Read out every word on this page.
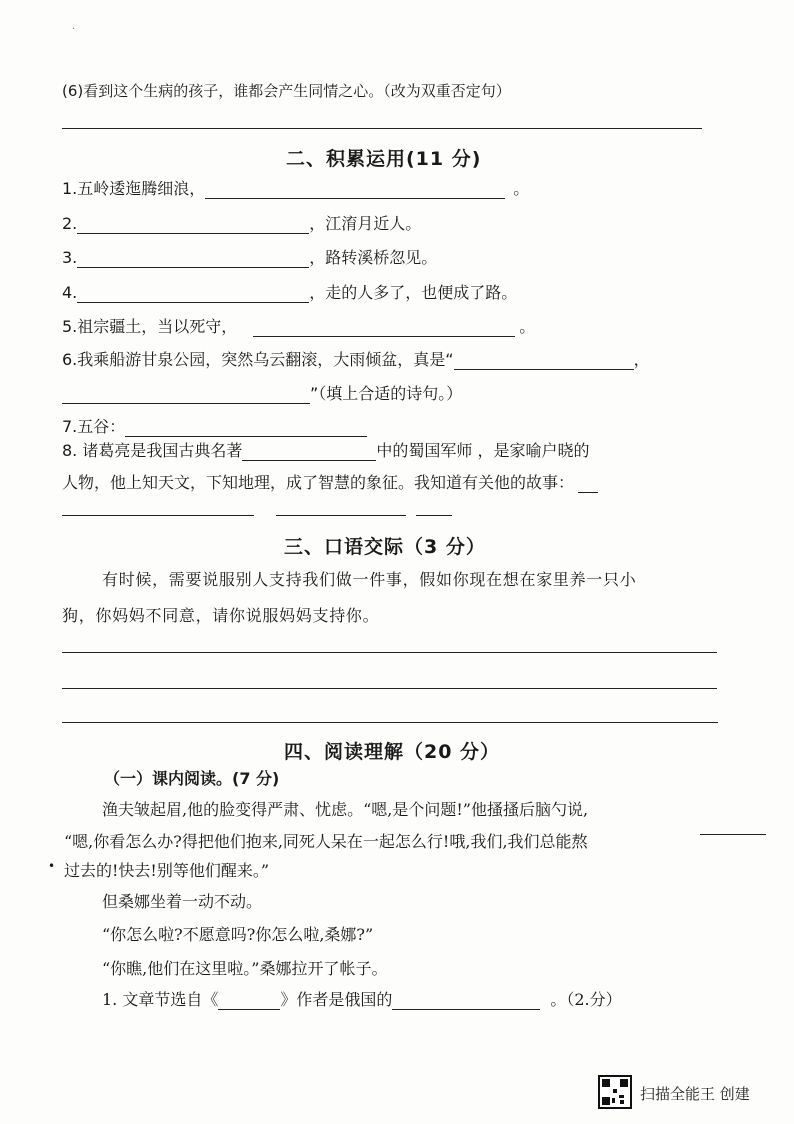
·
(6)看到这个生病的孩子，谁都会产生同情之心。（改为双重否定句）
二、积累运用(11 分)
1.五岭逶迤腾细浪，	。
2.	，江淯月近人。
3.	，路转溪桥忽见。
4.	，走的人多了，也便成了路。
5.祖宗疆土，当以死守，	。
6.我乘船游甘泉公园，突然乌云翻滚，大雨倾盆，真是“	，
”（填上合适的诗句。）
7.五谷：
8. 诸葛亮是我国古典名著	中的蜀国军师 ，是家喻户晓的
人物，他上知天文，下知地理，成了智慧的象征。我知道有关他的故事：
三、口语交际（3 分）
有时候，需要说服别人支持我们做一件事，假如你现在想在家里养一只小
狗，你妈妈不同意，请你说服妈妈支持你。
四、阅读理解（20 分）
（一）课内阅读。(7 分)
渔夫皱起眉,他的脸变得严肃、忧虑。“嗯,是个问题!”他搔搔后脑勺说,
“嗯,你看怎么办?得把他们抱来,同死人呆在一起怎么行!哦,我们,我们总能熬
• 过去的!快去!别等他们醒来。”
但桑娜坐着一动不动。
“你怎么啦?不愿意吗?你怎么啦,桑娜?”
“你瞧,他们在这里啦。”桑娜拉开了帐子。
1. 文章节选自《	》作者是俄国的	。（2.分）
扫描全能王 创建
